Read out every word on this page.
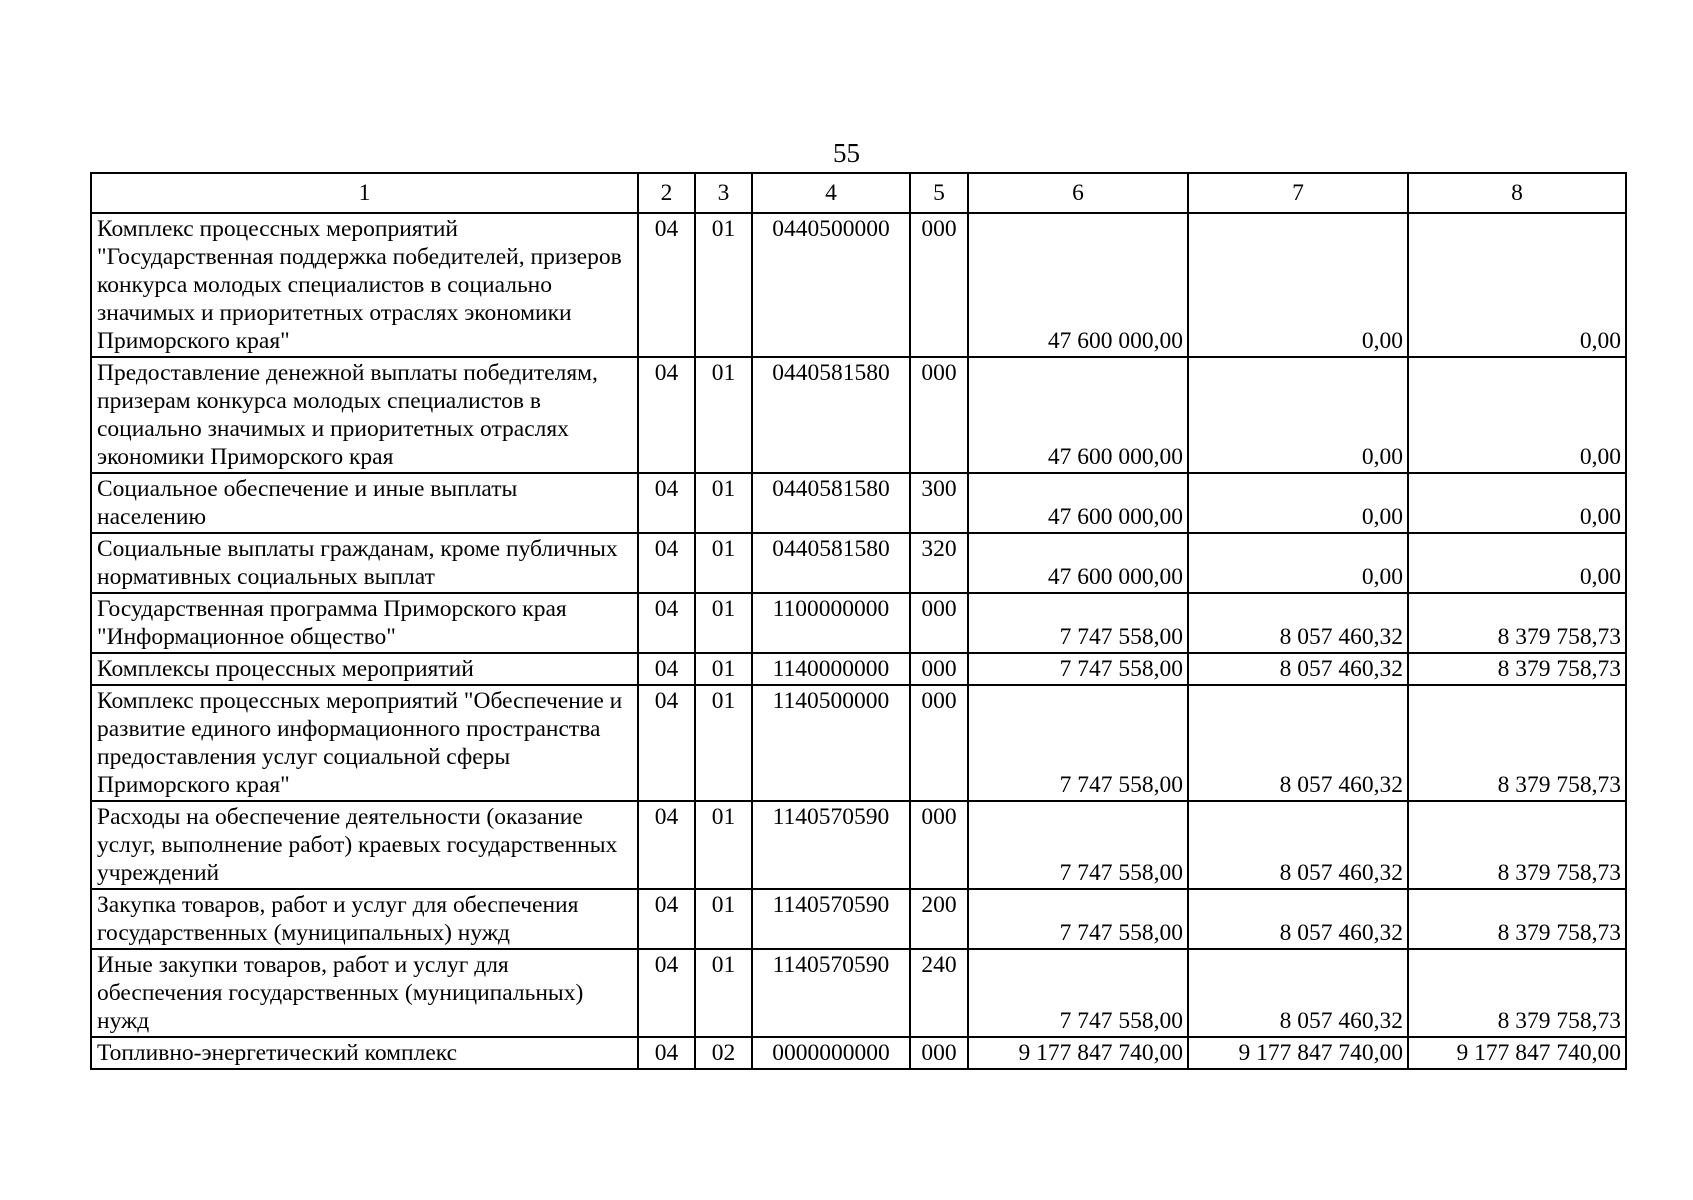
55
1	2	3	4	5	6	7	8
Комплекс процессных мероприятий "Государственная поддержка победителей, призеров конкурса молодых специалистов в социально значимых и приоритетных отраслях экономики Приморского края"	04	01	0440500000	000	47 600 000,00	0,00	0,00
Предоставление денежной выплаты победителям, призерам конкурса молодых специалистов в социально значимых и приоритетных отраслях экономики Приморского края	04	01	0440581580	000	47 600 000,00	0,00	0,00
Социальное обеспечение и иные выплаты населению	04	01	0440581580	300	47 600 000,00	0,00	0,00
Социальные выплаты гражданам, кроме публичных нормативных социальных выплат	04	01	0440581580	320	47 600 000,00	0,00	0,00
Государственная программа Приморского края "Информационное общество"	04	01	1100000000	000	7 747 558,00	8 057 460,32	8 379 758,73
Комплексы процессных мероприятий	04	01	1140000000	000	7 747 558,00	8 057 460,32	8 379 758,73
Комплекс процессных мероприятий "Обеспечение и развитие единого информационного пространства предоставления услуг социальной сферы Приморского края"	04	01	1140500000	000	7 747 558,00	8 057 460,32	8 379 758,73
Расходы на обеспечение деятельности (оказание услуг, выполнение работ) краевых государственных учреждений	04	01	1140570590	000	7 747 558,00	8 057 460,32	8 379 758,73
Закупка товаров, работ и услуг для обеспечения государственных (муниципальных) нужд	04	01	1140570590	200	7 747 558,00	8 057 460,32	8 379 758,73
Иные закупки товаров, работ и услуг для обеспечения государственных (муниципальных) нужд	04	01	1140570590	240	7 747 558,00	8 057 460,32	8 379 758,73
Топливно-энергетический комплекс	04	02	0000000000	000	9 177 847 740,00	9 177 847 740,00	9 177 847 740,00
